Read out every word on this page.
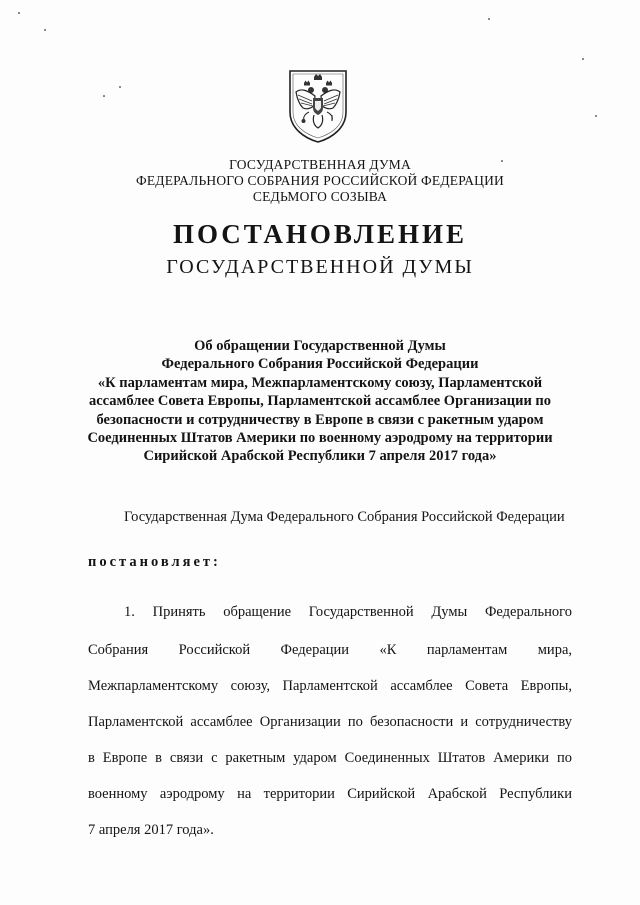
ГОСУДАРСТВЕННАЯ ДУМА
ФЕДЕРАЛЬНОГО СОБРАНИЯ РОССИЙСКОЙ ФЕДЕРАЦИИ
СЕДЬМОГО СОЗЫВА
ПОСТАНОВЛЕНИЕ
ГОСУДАРСТВЕННОЙ ДУМЫ
Об обращении Государственной Думы
Федерального Собрания Российской Федерации
«К парламентам мира, Межпарламентскому союзу, Парламентской
ассамблее Совета Европы, Парламентской ассамблее Организации по
безопасности и сотрудничеству в Европе в связи с ракетным ударом
Соединенных Штатов Америки по военному аэродрому на территории
Сирийской Арабской Республики 7 апреля 2017 года»
Государственная Дума Федерального Собрания Российской Федерации
постановляет:
1. Принять обращение Государственной Думы Федерального
Собрания Российской Федерации «К парламентам мира,
Межпарламентскому союзу, Парламентской ассамблее Совета Европы,
Парламентской ассамблее Организации по безопасности и сотрудничеству
в Европе в связи с ракетным ударом Соединенных Штатов Америки по
военному аэродрому на территории Сирийской Арабской Республики
7 апреля 2017 года».
